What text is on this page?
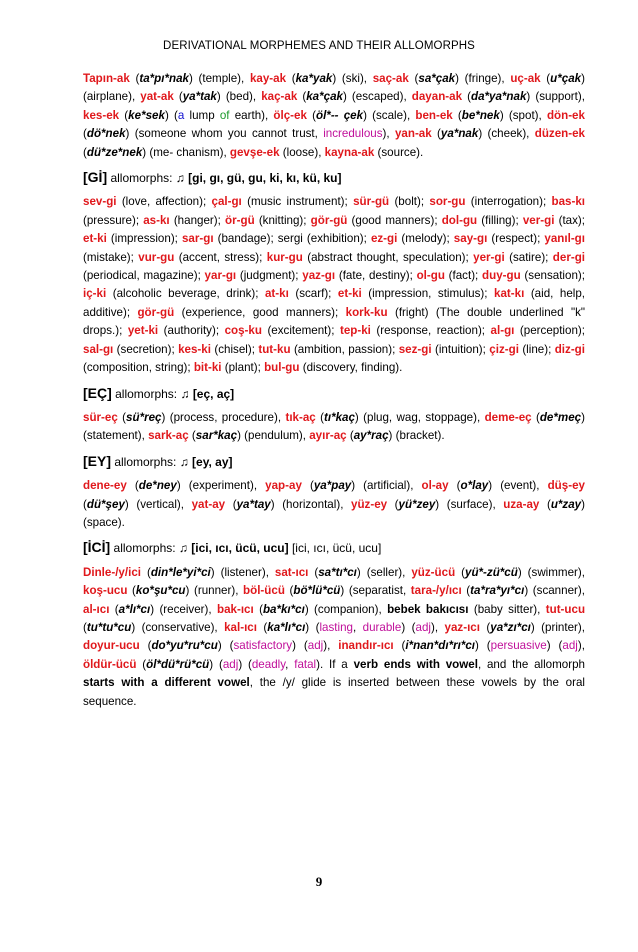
DERIVATIONAL MORPHEMES AND THEIR ALLOMORPHS

Tapın-ak (ta*pı*nak) (temple), kay-ak (ka*yak) (ski), saç-ak (sa*çak) (fringe), uç-ak (u*çak) (airplane), yat-ak (ya*tak) (bed), kaç-ak (ka*çak) (escaped), dayan-ak (da*ya*nak) (support), kes-ek (ke*sek) (a lump of earth), ölç-ek (öl*-- çek) (scale), ben-ek (be*nek) (spot), dön-ek (dö*nek) (someone whom you cannot trust, incredulous), yan-ak (ya*nak) (cheek), düzen-ek (dü*ze*nek) (me- chanism), gevşe-ek (loose), kayna-ak (source).

[Gİ] allomorphs: ♫ [gi, gı, gü, gu, ki, kı, kü, ku]

sev-gi (love, affection); çal-gı (music instrument); sür-gü (bolt); sor-gu (interrogation); bas-kı (pressure); as-kı (hanger); ör-gü (knitting); gör-gü (good manners); dol-gu (filling); ver-gi (tax); et-ki (impression); sar-gı (bandage); sergi (exhibition); ez-gi (melody); say-gı (respect); yanıl-gı (mistake); vur-gu (accent, stress); kur-gu (abstract thought, speculation); yer-gi (satire); der-gi (periodical, magazine); yar-gı (judgment); yaz-gı (fate, destiny); ol-gu (fact); duy-gu (sensation); iç-ki (alcoholic beverage, drink); at-kı (scarf); et-ki (impression, stimulus); kat-kı (aid, help, additive); gör-gü (experience, good manners); kork-ku (fright) (The double underlined "k" drops.); yet-ki (authority); coş-ku (excitement); tep-ki (response, reaction); al-gı (perception); sal-gı (secretion); kes-ki (chisel); tut-ku (ambition, passion); sez-gi (intuition); çiz-gi (line); diz-gi (composition, string); bit-ki (plant); bul-gu (discovery, finding).

[EÇ] allomorphs: ♫ [eç, aç]

sür-eç (sü*reç) (process, procedure), tık-aç (tı*kaç) (plug, wag, stoppage), deme-eç (de*meç) (statement), sark-aç (sar*kaç) (pendulum), ayır-aç (ay*raç) (bracket).

[EY] allomorphs: ♫ [ey, ay]

dene-ey (de*ney) (experiment), yap-ay (ya*pay) (artificial), ol-ay (o*lay) (event), düş-ey (dü*şey) (vertical), yat-ay (ya*tay) (horizontal), yüz-ey (yü*zey) (surface), uza-ay (u*zay) (space).

[İCİ] allomorphs: ♫ [ici, ıcı, ücü, ucu] [ici, ıcı, ücü, ucu]

Dinle-/y/ici (din*le*yi*ci) (listener), sat-ıcı (sa*tı*cı) (seller), yüz-ücü (yü*-zü*cü) (swimmer), koş-ucu (ko*şu*cu) (runner), böl-ücü (bö*lü*cü) (separatist, tara-/y/ıcı (ta*ra*yı*cı) (scanner), al-ıcı (a*lı*cı) (receiver), bak-ıcı (ba*kı*cı) (companion), bebek bakıcısı (baby sitter), tut-ucu (tu*tu*cu) (conservative), kal-ıcı (ka*lı*cı) (lasting, durable) (adj), yaz-ıcı (ya*zı*cı) (printer), doyur-ucu (do*yu*ru*cu) (satisfactory) (adj), inandır-ıcı (i*nan*dı*rı*cı) (persuasive) (adj), öldür-ücü (öl*dü*rü*cü) (adj) (deadly, fatal). If a verb ends with vowel, and the allomorph starts with a different vowel, the /y/ glide is inserted between these vowels by the oral sequence.

9
